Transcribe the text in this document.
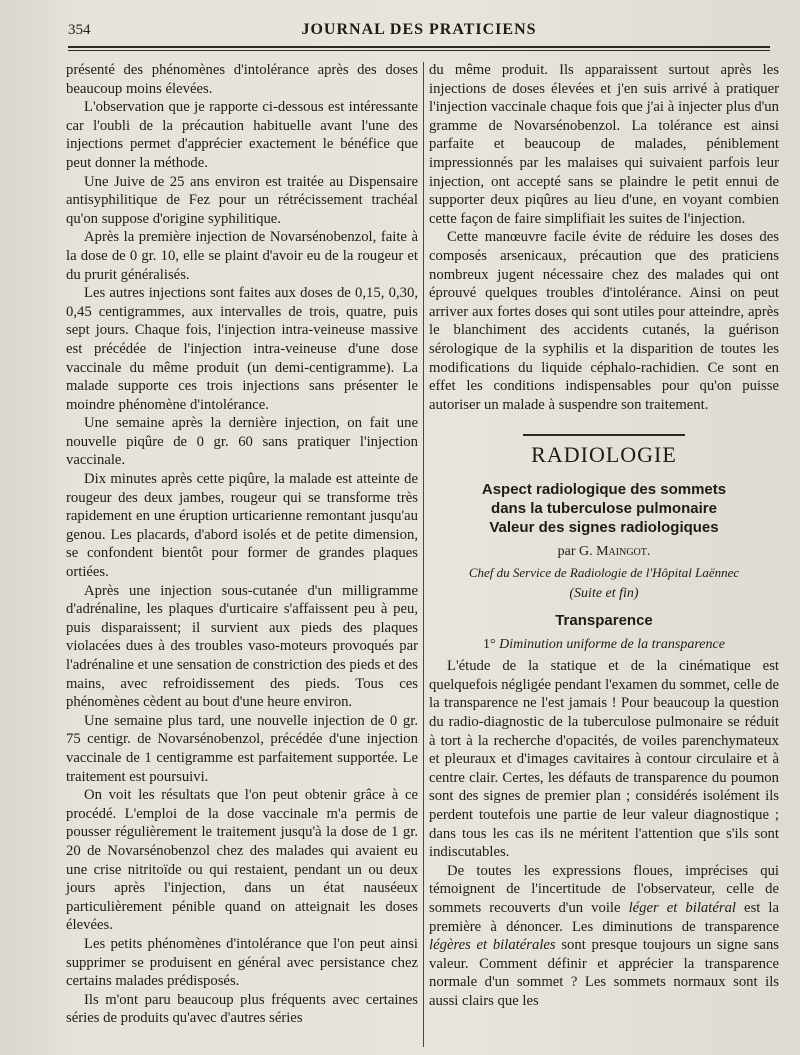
354	JOURNAL DES PRATICIENS

présenté des phénomènes d'intolérance après des doses beaucoup moins élevées.

L'observation que je rapporte ci-dessous est intéressante car l'oubli de la précaution habituelle avant l'une des injections permet d'apprécier exactement le bénéfice que peut donner la méthode.

Une Juive de 25 ans environ est traitée au Dispensaire antisyphilitique de Fez pour un rétrécissement trachéal qu'on suppose d'origine syphilitique.

Après la première injection de Novarsénobenzol, faite à la dose de 0 gr. 10, elle se plaint d'avoir eu de la rougeur et du prurit généralisés.

Les autres injections sont faites aux doses de 0,15, 0,30, 0,45 centigrammes, aux intervalles de trois, quatre, puis sept jours. Chaque fois, l'injection intra-veineuse massive est précédée de l'injection intra-veineuse d'une dose vaccinale du même produit (un demi-centigramme). La malade supporte ces trois injections sans présenter le moindre phénomène d'intolérance.

Une semaine après la dernière injection, on fait une nouvelle piqûre de 0 gr. 60 sans pratiquer l'injection vaccinale.

Dix minutes après cette piqûre, la malade est atteinte de rougeur des deux jambes, rougeur qui se transforme très rapidement en une éruption urticarienne remontant jusqu'au genou. Les placards, d'abord isolés et de petite dimension, se confondent bientôt pour former de grandes plaques ortiées.

Après une injection sous-cutanée d'un milligramme d'adrénaline, les plaques d'urticaire s'affaissent peu à peu, puis disparaissent; il survient aux pieds des plaques violacées dues à des troubles vaso-moteurs provoqués par l'adrénaline et une sensation de constriction des pieds et des mains, avec refroidissement des pieds. Tous ces phénomènes cèdent au bout d'une heure environ.

Une semaine plus tard, une nouvelle injection de 0 gr. 75 centigr. de Novarsénobenzol, précédée d'une injection vaccinale de 1 centigramme est parfaitement supportée. Le traitement est poursuivi.

On voit les résultats que l'on peut obtenir grâce à ce procédé. L'emploi de la dose vaccinale m'a permis de pousser régulièrement le traitement jusqu'à la dose de 1 gr. 20 de Novarsénobenzol chez des malades qui avaient eu une crise nitritoïde ou qui restaient, pendant un ou deux jours après l'injection, dans un état nauséeux particulièrement pénible quand on atteignait les doses élevées.

Les petits phénomènes d'intolérance que l'on peut ainsi supprimer se produisent en général avec persistance chez certains malades prédisposés.

Ils m'ont paru beaucoup plus fréquents avec certaines séries de produits qu'avec d'autres séries

du même produit. Ils apparaissent surtout après les injections de doses élevées et j'en suis arrivé à pratiquer l'injection vaccinale chaque fois que j'ai à injecter plus d'un gramme de Novarsénobenzol. La tolérance est ainsi parfaite et beaucoup de malades, péniblement impressionnés par les malaises qui suivaient parfois leur injection, ont accepté sans se plaindre le petit ennui de supporter deux piqûres au lieu d'une, en voyant combien cette façon de faire simplifiait les suites de l'injection.

Cette manœuvre facile évite de réduire les doses des composés arsenicaux, précaution que des praticiens nombreux jugent nécessaire chez des malades qui ont éprouvé quelques troubles d'intolérance. Ainsi on peut arriver aux fortes doses qui sont utiles pour atteindre, après le blanchiment des accidents cutanés, la guérison sérologique de la syphilis et la disparition de toutes les modifications du liquide céphalo-rachidien. Ce sont en effet les conditions indispensables pour qu'on puisse autoriser un malade à suspendre son traitement.

RADIOLOGIE
Aspect radiologique des sommets
dans la tuberculose pulmonaire
Valeur des signes radiologiques
par G. Maingot.
Chef du Service de Radiologie de l'Hôpital Laënnec
(Suite et fin)
Transparence
1° Diminution uniforme de la transparence

L'étude de la statique et de la cinématique est quelquefois négligée pendant l'examen du sommet, celle de la transparence ne l'est jamais ! Pour beaucoup la question du radio-diagnostic de la tuberculose pulmonaire se réduit à tort à la recherche d'opacités, de voiles parenchymateux et pleuraux et d'images cavitaires à contour circulaire et à centre clair. Certes, les défauts de transparence du poumon sont des signes de premier plan ; considérés isolément ils perdent toutefois une partie de leur valeur diagnostique ; dans tous les cas ils ne méritent l'attention que s'ils sont indiscutables.

De toutes les expressions floues, imprécises qui témoignent de l'incertitude de l'observateur, celle de sommets recouverts d'un voile léger et bilatéral est la première à dénoncer. Les diminutions de transparence légères et bilatérales sont presque toujours un signe sans valeur. Comment définir et apprécier la transparence normale d'un sommet ? Les sommets normaux sont ils aussi clairs que les
